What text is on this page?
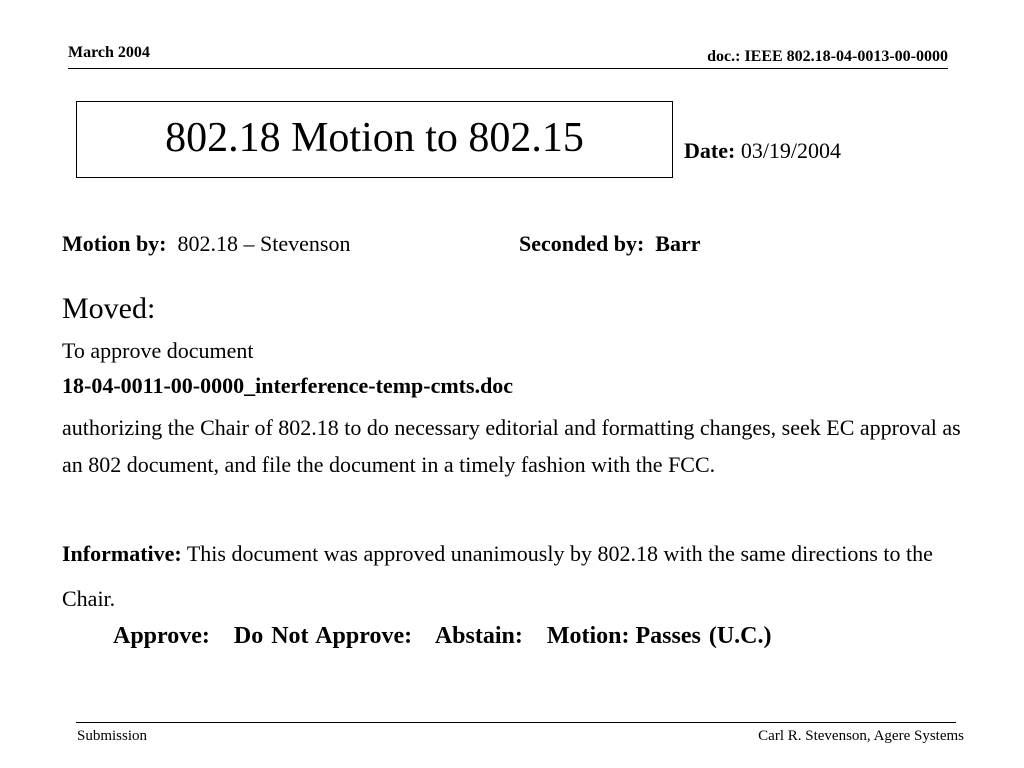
March 2004	doc.: IEEE 802.18-04-0013-00-0000
802.18 Motion to 802.15	Date: 03/19/2004
Motion by: 802.18 – Stevenson	Seconded by: Barr
Moved:
To approve document
18-04-0011-00-0000_interference-temp-cmts.doc
authorizing the Chair of 802.18 to do necessary editorial and formatting changes, seek EC approval as an 802 document, and file the document in a timely fashion with the FCC.
Informative: This document was approved unanimously by 802.18 with the same directions to the Chair.
Approve: Do Not Approve: Abstain: Motion: Passes (U.C.)
Submission	Carl R. Stevenson, Agere Systems
